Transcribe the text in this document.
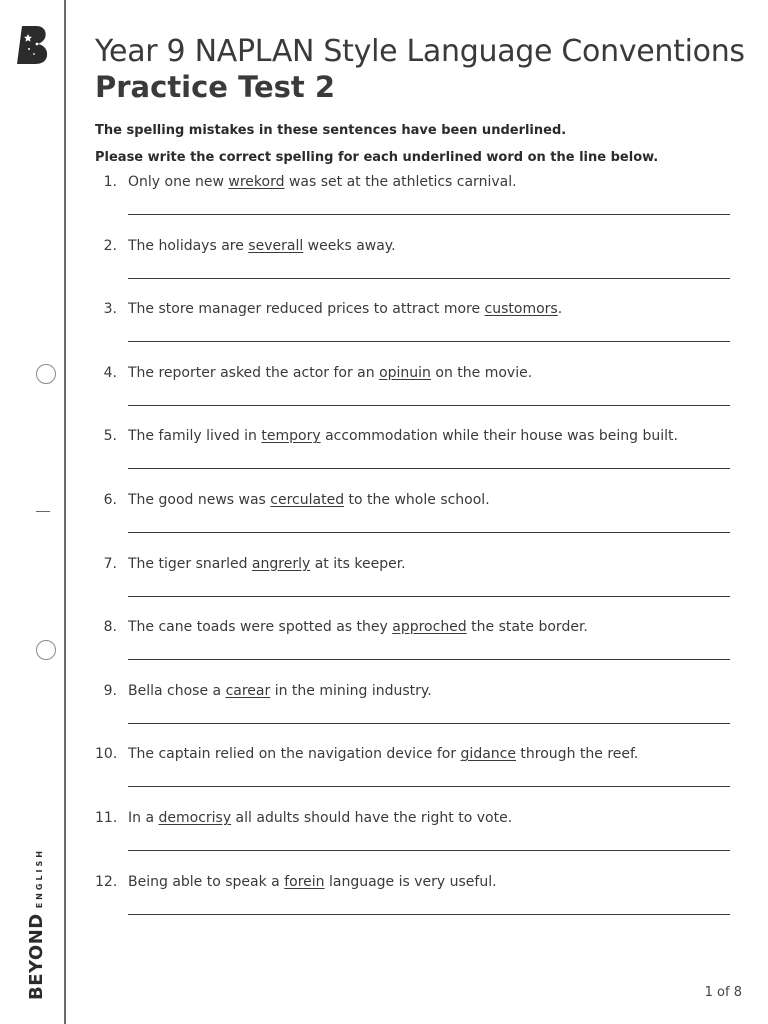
BEYONDENGLISH
Year 9 NAPLAN Style Language Conventions
Practice Test 2
The spelling mistakes in these sentences have been underlined.
Please write the correct spelling for each underlined word on the line below.
1. Only one new wrekord was set at the athletics carnival.
2. The holidays are severall weeks away.
3. The store manager reduced prices to attract more customors.
4. The reporter asked the actor for an opinuin on the movie.
5. The family lived in tempory accommodation while their house was being built.
6. The good news was cerculated to the whole school.
7. The tiger snarled angrerly at its keeper.
8. The cane toads were spotted as they approched the state border.
9. Bella chose a carear in the mining industry.
10. The captain relied on the navigation device for gidance through the reef.
11. In a democrisy all adults should have the right to vote.
12. Being able to speak a forein language is very useful.
1 of 8
